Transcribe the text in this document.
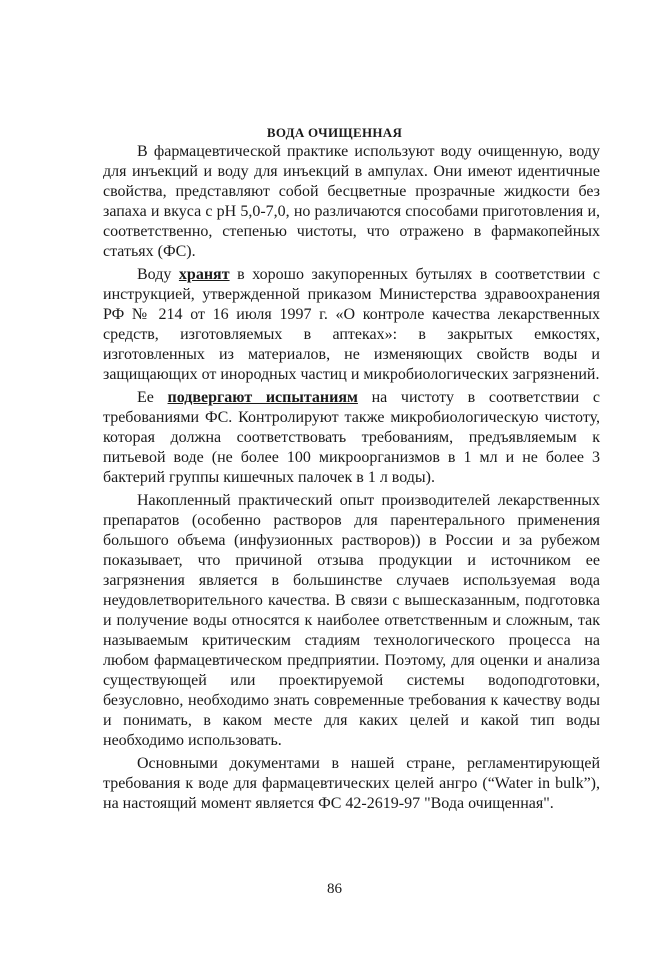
ВОДА ОЧИЩЕННАЯ

В фармацевтической практике используют воду очищенную, воду для инъекций и воду для инъекций в ампулах. Они имеют идентичные свойства, представляют собой бесцветные прозрачные жидкости без запаха и вкуса с pH 5,0-7,0, но различаются способами приготовления и, соответственно, степенью чистоты, что отражено в фармакопейных статьях (ФС).

Воду хранят в хорошо закупоренных бутылях в соответствии с инструкцией, утвержденной приказом Министерства здравоохранения РФ № 214 от 16 июля 1997 г. «О контроле качества лекарственных средств, изготовляемых в аптеках»: в закрытых емкостях, изготовленных из материалов, не изменяющих свойств воды и защищающих от инородных частиц и микробиологических загрязнений.

Ее подвергают испытаниям на чистоту в соответствии с требованиями ФС. Контролируют также микробиологическую чистоту, которая должна соответствовать требованиям, предъявляемым к питьевой воде (не более 100 микроорганизмов в 1 мл и не более 3 бактерий группы кишечных палочек в 1 л воды).

Накопленный практический опыт производителей лекарственных препаратов (особенно растворов для парентерального применения большого объема (инфузионных растворов)) в России и за рубежом показывает, что причиной отзыва продукции и источником ее загрязнения является в большинстве случаев используемая вода неудовлетворительного качества. В связи с вышесказанным, подготовка и получение воды относятся к наиболее ответственным и сложным, так называемым критическим стадиям технологического процесса на любом фармацевтическом предприятии. Поэтому, для оценки и анализа существующей или проектируемой системы водоподготовки, безусловно, необходимо знать современные требования к качеству воды и понимать, в каком месте для каких целей и какой тип воды необходимо использовать.

Основными документами в нашей стране, регламентирующей требования к воде для фармацевтических целей ангро (“Water in bulk”), на настоящий момент является ФС 42-2619-97 "Вода очищенная".

86
